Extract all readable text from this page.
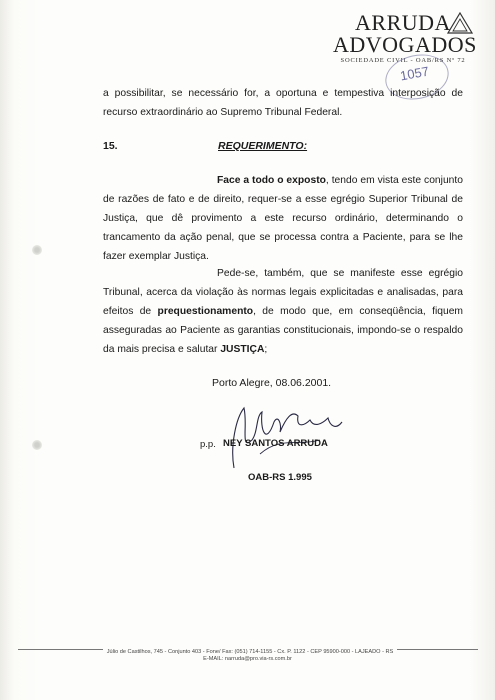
ARRUDA
ADVOGADOS
SOCIEDADE CIVIL - OAB/RS Nº 72
1057
a possibilitar, se necessário for, a oportuna e tempestiva interposição de recurso extraordinário ao Supremo Tribunal Federal.
15.	REQUERIMENTO:
Face a todo o exposto, tendo em vista este conjunto de razões de fato e de direito, requer-se a esse egrégio Superior Tribunal de Justiça, que dê provimento a este recurso ordinário, determinando o trancamento da ação penal, que se processa contra a Paciente, para se lhe fazer exemplar Justiça.
Pede-se, também, que se manifeste esse egrégio Tribunal, acerca da violação às normas legais explicitadas e analisadas, para efeitos de prequestionamento, de modo que, em conseqüência, fiquem asseguradas ao Paciente as garantias constitucionais, impondo-se o respaldo da mais precisa e salutar JUSTIÇA;
Porto Alegre, 08.06.2001.
p.p. NEY SANTOS ARRUDA
OAB-RS 1.995
Júlio de Castilhos, 745 - Conjunto 403 - Fone/ Fax: (051) 714-1155 - Cx. P. 1122 - CEP 95900-000 - LAJEADO - RS
E-MAIL: narruda@pro.via-rs.com.br
